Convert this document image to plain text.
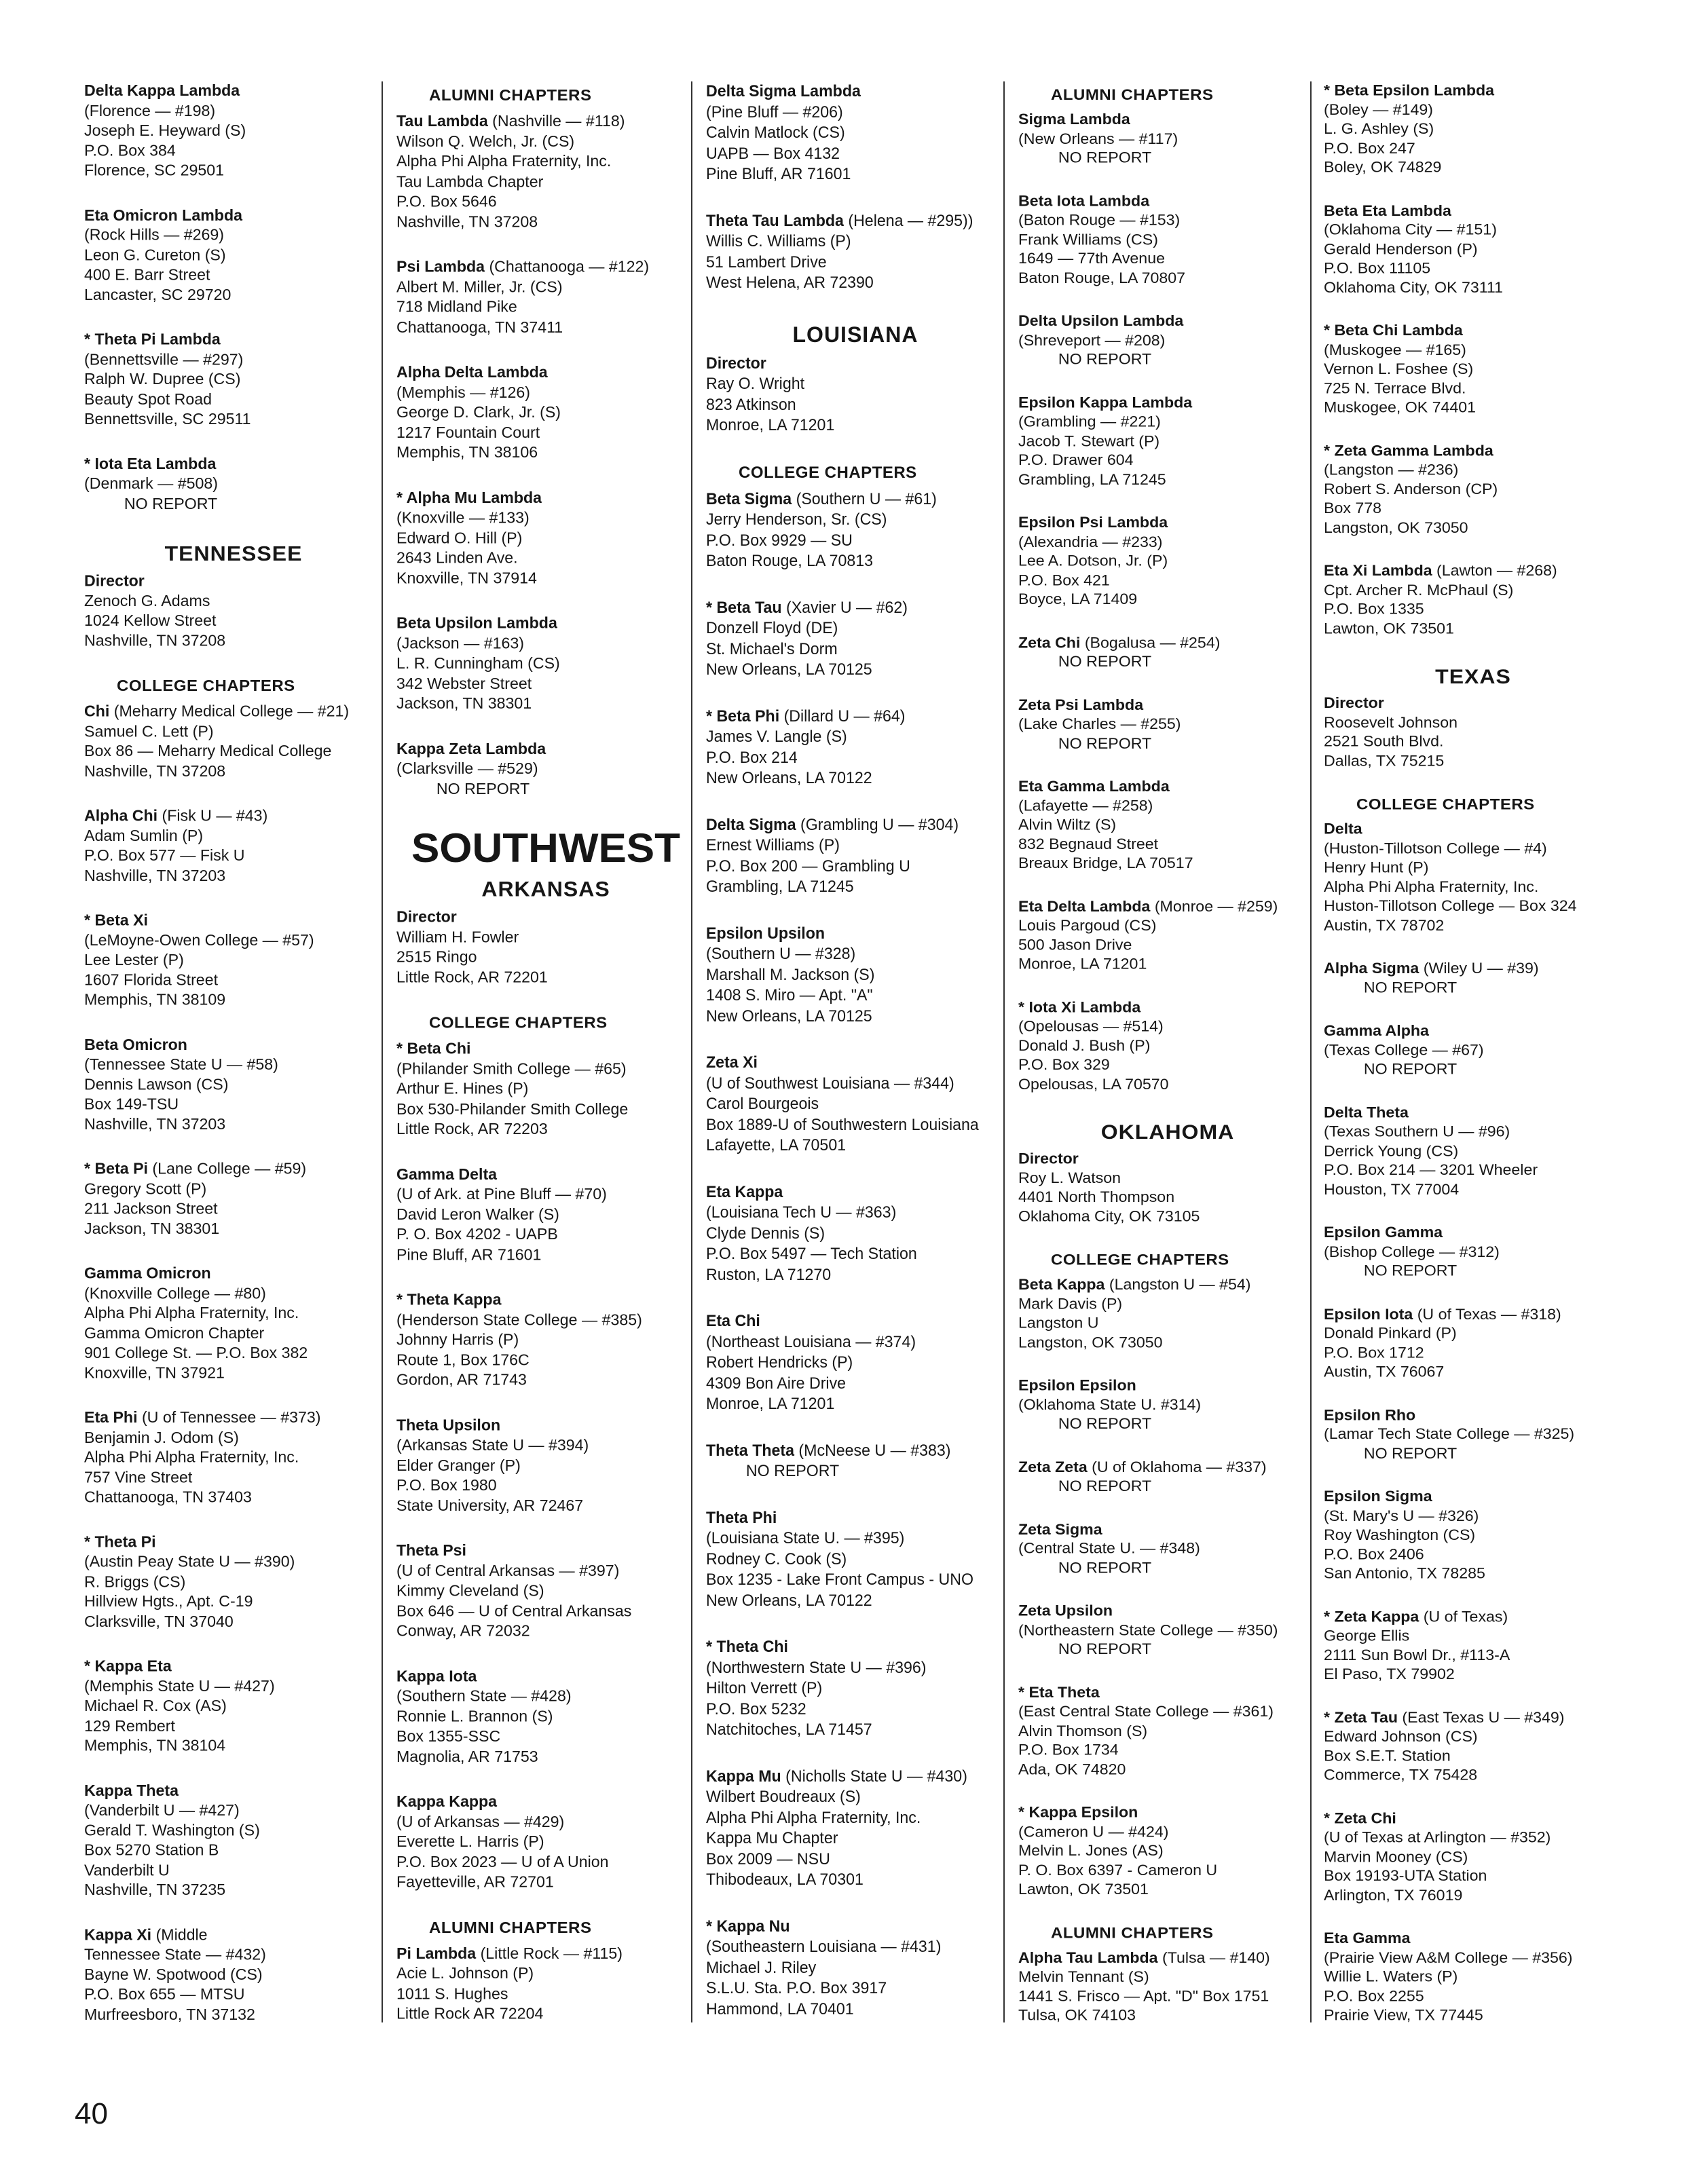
Delta Kappa Lambda
(Florence — #198)
Joseph E. Heyward (S)
P.O. Box 384
Florence, SC 29501
Eta Omicron Lambda
(Rock Hills — #269)
Leon G. Cureton (S)
400 E. Barr Street
Lancaster, SC 29720
* Theta Pi Lambda
(Bennettsville — #297)
Ralph W. Dupree (CS)
Beauty Spot Road
Bennettsville, SC 29511
* Iota Eta Lambda
(Denmark — #508)
NO REPORT
TENNESSEE
Director
Zenoch G. Adams
1024 Kellow Street
Nashville, TN 37208
COLLEGE CHAPTERS
Chi (Meharry Medical College — #21)
Samuel C. Lett (P)
Box 86 — Meharry Medical College
Nashville, TN 37208
Alpha Chi (Fisk U — #43)
Adam Sumlin (P)
P.O. Box 577 — Fisk U
Nashville, TN 37203
* Beta Xi
(LeMoyne-Owen College — #57)
Lee Lester (P)
1607 Florida Street
Memphis, TN 38109
Beta Omicron
(Tennessee State U — #58)
Dennis Lawson (CS)
Box 149-TSU
Nashville, TN 37203
* Beta Pi (Lane College — #59)
Gregory Scott (P)
211 Jackson Street
Jackson, TN 38301
Gamma Omicron
(Knoxville College — #80)
Alpha Phi Alpha Fraternity, Inc.
Gamma Omicron Chapter
901 College St. — P.O. Box 382
Knoxville, TN 37921
Eta Phi (U of Tennessee — #373)
Benjamin J. Odom (S)
Alpha Phi Alpha Fraternity, Inc.
757 Vine Street
Chattanooga, TN 37403
* Theta Pi
(Austin Peay State U — #390)
R. Briggs (CS)
Hillview Hgts., Apt. C-19
Clarksville, TN 37040
* Kappa Eta
(Memphis State U — #427)
Michael R. Cox (AS)
129 Rembert
Memphis, TN 38104
Kappa Theta
(Vanderbilt U — #427)
Gerald T. Washington (S)
Box 5270 Station B
Vanderbilt U
Nashville, TN 37235
Kappa Xi (Middle
Tennessee State — #432)
Bayne W. Spotwood (CS)
P.O. Box 655 — MTSU
Murfreesboro, TN 37132
ALUMNI CHAPTERS
Tau Lambda (Nashville — #118)
Wilson Q. Welch, Jr. (CS)
Alpha Phi Alpha Fraternity, Inc.
Tau Lambda Chapter
P.O. Box 5646
Nashville, TN 37208
Psi Lambda (Chattanooga — #122)
Albert M. Miller, Jr. (CS)
718 Midland Pike
Chattanooga, TN 37411
Alpha Delta Lambda
(Memphis — #126)
George D. Clark, Jr. (S)
1217 Fountain Court
Memphis, TN 38106
* Alpha Mu Lambda
(Knoxville — #133)
Edward O. Hill (P)
2643 Linden Ave.
Knoxville, TN 37914
Beta Upsilon Lambda
(Jackson — #163)
L. R. Cunningham (CS)
342 Webster Street
Jackson, TN 38301
Kappa Zeta Lambda
(Clarksville — #529)
NO REPORT
SOUTHWEST
ARKANSAS
Director
William H. Fowler
2515 Ringo
Little Rock, AR 72201
COLLEGE CHAPTERS
* Beta Chi
(Philander Smith College — #65)
Arthur E. Hines (P)
Box 530-Philander Smith College
Little Rock, AR 72203
Gamma Delta
(U of Ark. at Pine Bluff — #70)
David Leron Walker (S)
P. O. Box 4202 - UAPB
Pine Bluff, AR 71601
* Theta Kappa
(Henderson State College — #385)
Johnny Harris (P)
Route 1, Box 176C
Gordon, AR 71743
Theta Upsilon
(Arkansas State U — #394)
Elder Granger (P)
P.O. Box 1980
State University, AR 72467
Theta Psi
(U of Central Arkansas — #397)
Kimmy Cleveland (S)
Box 646 — U of Central Arkansas
Conway, AR 72032
Kappa Iota
(Southern State — #428)
Ronnie L. Brannon (S)
Box 1355-SSC
Magnolia, AR 71753
Kappa Kappa
(U of Arkansas — #429)
Everette L. Harris (P)
P.O. Box 2023 — U of A Union
Fayetteville, AR 72701
ALUMNI CHAPTERS
Pi Lambda (Little Rock — #115)
Acie L. Johnson (P)
1011 S. Hughes
Little Rock AR 72204
Delta Sigma Lambda
(Pine Bluff — #206)
Calvin Matlock (CS)
UAPB — Box 4132
Pine Bluff, AR 71601
Theta Tau Lambda (Helena — #295))
Willis C. Williams (P)
51 Lambert Drive
West Helena, AR 72390
LOUISIANA
Director
Ray O. Wright
823 Atkinson
Monroe, LA 71201
COLLEGE CHAPTERS
Beta Sigma (Southern U — #61)
Jerry Henderson, Sr. (CS)
P.O. Box 9929 — SU
Baton Rouge, LA 70813
* Beta Tau (Xavier U — #62)
Donzell Floyd (DE)
St. Michael's Dorm
New Orleans, LA 70125
* Beta Phi (Dillard U — #64)
James V. Langle (S)
P.O. Box 214
New Orleans, LA 70122
Delta Sigma (Grambling U — #304)
Ernest Williams (P)
P.O. Box 200 — Grambling U
Grambling, LA 71245
Epsilon Upsilon
(Southern U — #328)
Marshall M. Jackson (S)
1408 S. Miro — Apt. "A"
New Orleans, LA 70125
Zeta Xi
(U of Southwest Louisiana — #344)
Carol Bourgeois
Box 1889-U of Southwestern Louisiana
Lafayette, LA 70501
Eta Kappa
(Louisiana Tech U — #363)
Clyde Dennis (S)
P.O. Box 5497 — Tech Station
Ruston, LA 71270
Eta Chi
(Northeast Louisiana — #374)
Robert Hendricks (P)
4309 Bon Aire Drive
Monroe, LA 71201
Theta Theta (McNeese U — #383)
NO REPORT
Theta Phi
(Louisiana State U. — #395)
Rodney C. Cook (S)
Box 1235 - Lake Front Campus - UNO
New Orleans, LA 70122
* Theta Chi
(Northwestern State U — #396)
Hilton Verrett (P)
P.O. Box 5232
Natchitoches, LA 71457
Kappa Mu (Nicholls State U — #430)
Wilbert Boudreaux (S)
Alpha Phi Alpha Fraternity, Inc.
Kappa Mu Chapter
Box 2009 — NSU
Thibodeaux, LA 70301
* Kappa Nu
(Southeastern Louisiana — #431)
Michael J. Riley
S.L.U. Sta. P.O. Box 3917
Hammond, LA 70401
ALUMNI CHAPTERS
Sigma Lambda
(New Orleans — #117)
NO REPORT
Beta Iota Lambda
(Baton Rouge — #153)
Frank Williams (CS)
1649 — 77th Avenue
Baton Rouge, LA 70807
Delta Upsilon Lambda
(Shreveport — #208)
NO REPORT
Epsilon Kappa Lambda
(Grambling — #221)
Jacob T. Stewart (P)
P.O. Drawer 604
Grambling, LA 71245
Epsilon Psi Lambda
(Alexandria — #233)
Lee A. Dotson, Jr. (P)
P.O. Box 421
Boyce, LA 71409
Zeta Chi (Bogalusa — #254)
NO REPORT
Zeta Psi Lambda
(Lake Charles — #255)
NO REPORT
Eta Gamma Lambda
(Lafayette — #258)
Alvin Wiltz (S)
832 Begnaud Street
Breaux Bridge, LA 70517
Eta Delta Lambda (Monroe — #259)
Louis Pargoud (CS)
500 Jason Drive
Monroe, LA 71201
* Iota Xi Lambda
(Opelousas — #514)
Donald J. Bush (P)
P.O. Box 329
Opelousas, LA 70570
OKLAHOMA
Director
Roy L. Watson
4401 North Thompson
Oklahoma City, OK 73105
COLLEGE CHAPTERS
Beta Kappa (Langston U — #54)
Mark Davis (P)
Langston U
Langston, OK 73050
Epsilon Epsilon
(Oklahoma State U. #314)
NO REPORT
Zeta Zeta (U of Oklahoma — #337)
NO REPORT
Zeta Sigma
(Central State U. — #348)
NO REPORT
Zeta Upsilon
(Northeastern State College — #350)
NO REPORT
* Eta Theta
(East Central State College — #361)
Alvin Thomson (S)
P.O. Box 1734
Ada, OK 74820
* Kappa Epsilon
(Cameron U — #424)
Melvin L. Jones (AS)
P. O. Box 6397 - Cameron U
Lawton, OK 73501
ALUMNI CHAPTERS
Alpha Tau Lambda (Tulsa — #140)
Melvin Tennant (S)
1441 S. Frisco — Apt. "D" Box 1751
Tulsa, OK 74103
* Beta Epsilon Lambda
(Boley — #149)
L. G. Ashley (S)
P.O. Box 247
Boley, OK 74829
Beta Eta Lambda
(Oklahoma City — #151)
Gerald Henderson (P)
P.O. Box 11105
Oklahoma City, OK 73111
* Beta Chi Lambda
(Muskogee — #165)
Vernon L. Foshee (S)
725 N. Terrace Blvd.
Muskogee, OK 74401
* Zeta Gamma Lambda
(Langston — #236)
Robert S. Anderson (CP)
Box 778
Langston, OK 73050
Eta Xi Lambda (Lawton — #268)
Cpt. Archer R. McPhaul (S)
P.O. Box 1335
Lawton, OK 73501
TEXAS
Director
Roosevelt Johnson
2521 South Blvd.
Dallas, TX 75215
COLLEGE CHAPTERS
Delta
(Huston-Tillotson College — #4)
Henry Hunt (P)
Alpha Phi Alpha Fraternity, Inc.
Huston-Tillotson College — Box 324
Austin, TX 78702
Alpha Sigma (Wiley U — #39)
NO REPORT
Gamma Alpha
(Texas College — #67)
NO REPORT
Delta Theta
(Texas Southern U — #96)
Derrick Young (CS)
P.O. Box 214 — 3201 Wheeler
Houston, TX 77004
Epsilon Gamma
(Bishop College — #312)
NO REPORT
Epsilon Iota (U of Texas — #318)
Donald Pinkard (P)
P.O. Box 1712
Austin, TX 76067
Epsilon Rho
(Lamar Tech State College — #325)
NO REPORT
Epsilon Sigma
(St. Mary's U — #326)
Roy Washington (CS)
P.O. Box 2406
San Antonio, TX 78285
* Zeta Kappa (U of Texas)
George Ellis
2111 Sun Bowl Dr., #113-A
El Paso, TX 79902
* Zeta Tau (East Texas U — #349)
Edward Johnson (CS)
Box S.E.T. Station
Commerce, TX 75428
* Zeta Chi
(U of Texas at Arlington — #352)
Marvin Mooney (CS)
Box 19193-UTA Station
Arlington, TX 76019
Eta Gamma
(Prairie View A&M College — #356)
Willie L. Waters (P)
P.O. Box 2255
Prairie View, TX 77445
40
